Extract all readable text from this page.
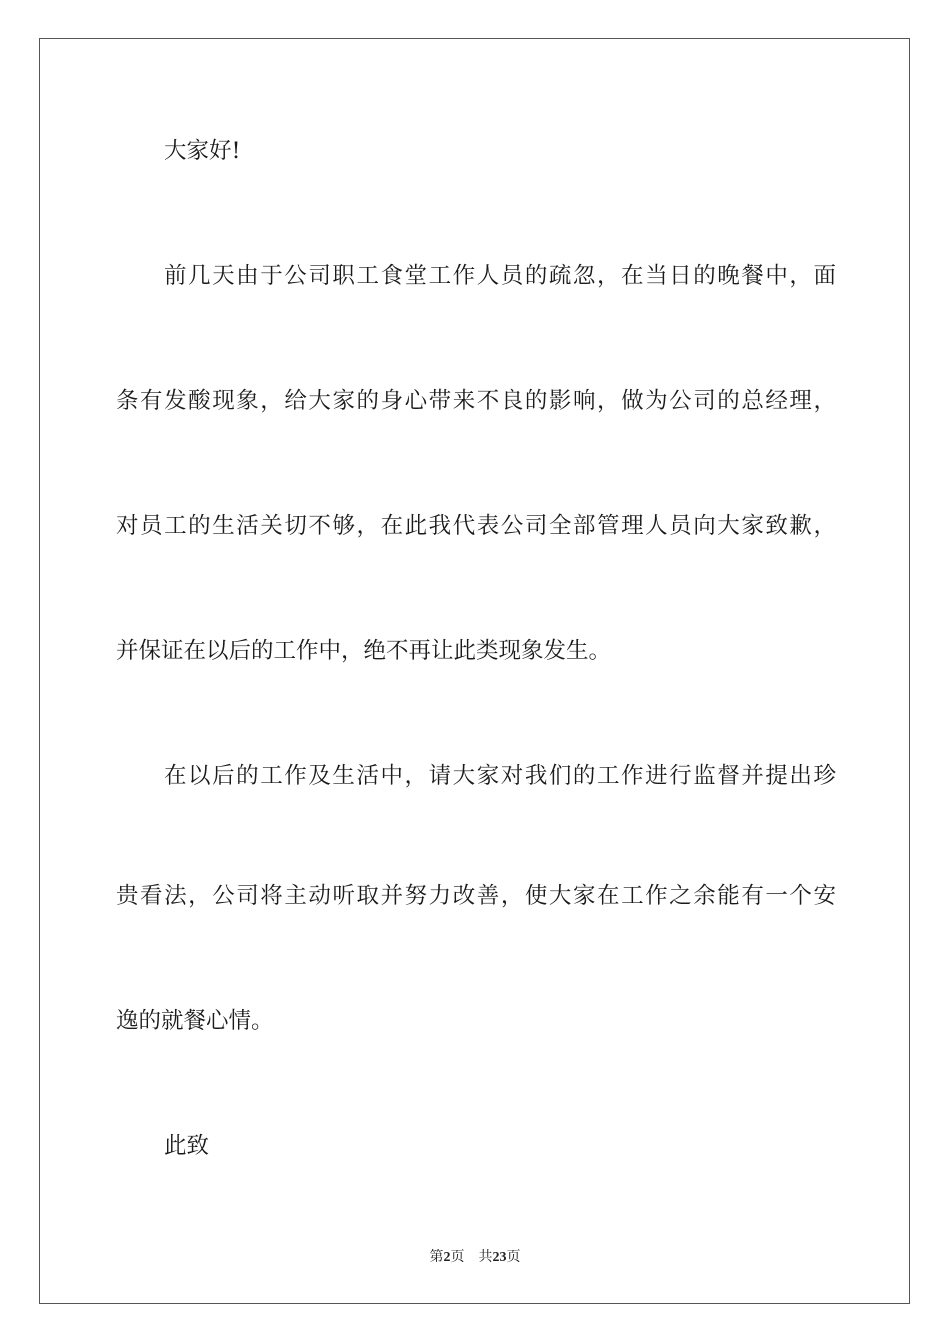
大家好!
前几天由于公司职工食堂工作人员的疏忽，在当日的晚餐中，面
条有发酸现象，给大家的身心带来不良的影响，做为公司的总经理，
对员工的生活关切不够，在此我代表公司全部管理人员向大家致歉，
并保证在以后的工作中，绝不再让此类现象发生。
在以后的工作及生活中，请大家对我们的工作进行监督并提出珍
贵看法，公司将主动听取并努力改善，使大家在工作之余能有一个安
逸的就餐心情。
此致
第2页 共23页
